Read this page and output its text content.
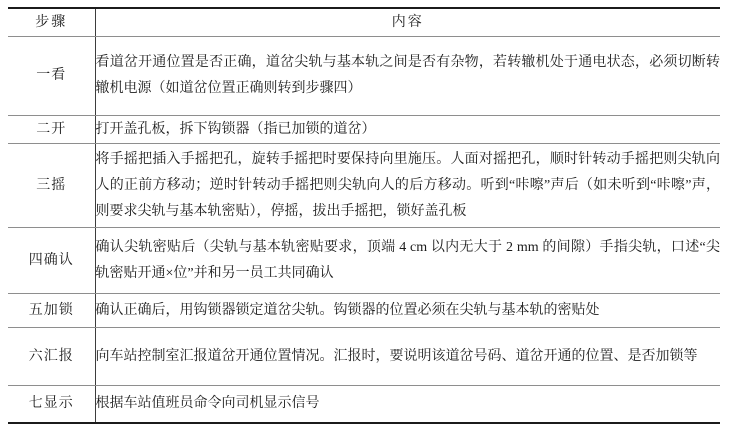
步骤	内容
一看	看道岔开通位置是否正确，道岔尖轨与基本轨之间是否有杂物，若转辙机处于通电状态，必须切断转辙机电源（如道岔位置正确则转到步骤四）
二开	打开盖孔板，拆下钩锁器（指已加锁的道岔）
三摇	将手摇把插入手摇把孔，旋转手摇把时要保持向里施压。人面对摇把孔，顺时针转动手摇把则尖轨向人的正前方移动；逆时针转动手摇把则尖轨向人的后方移动。听到“咔嚓”声后（如未听到“咔嚓”声，则要求尖轨与基本轨密贴），停摇，拔出手摇把，锁好盖孔板
四确认	确认尖轨密贴后（尖轨与基本轨密贴要求，顶端 4 cm 以内无大于 2 mm 的间隙）手指尖轨，口述“尖轨密贴开通×位”并和另一员工共同确认
五加锁	确认正确后，用钩锁器锁定道岔尖轨。钩锁器的位置必须在尖轨与基本轨的密贴处
六汇报	向车站控制室汇报道岔开通位置情况。汇报时，要说明该道岔号码、道岔开通的位置、是否加锁等
七显示	根据车站值班员命令向司机显示信号
